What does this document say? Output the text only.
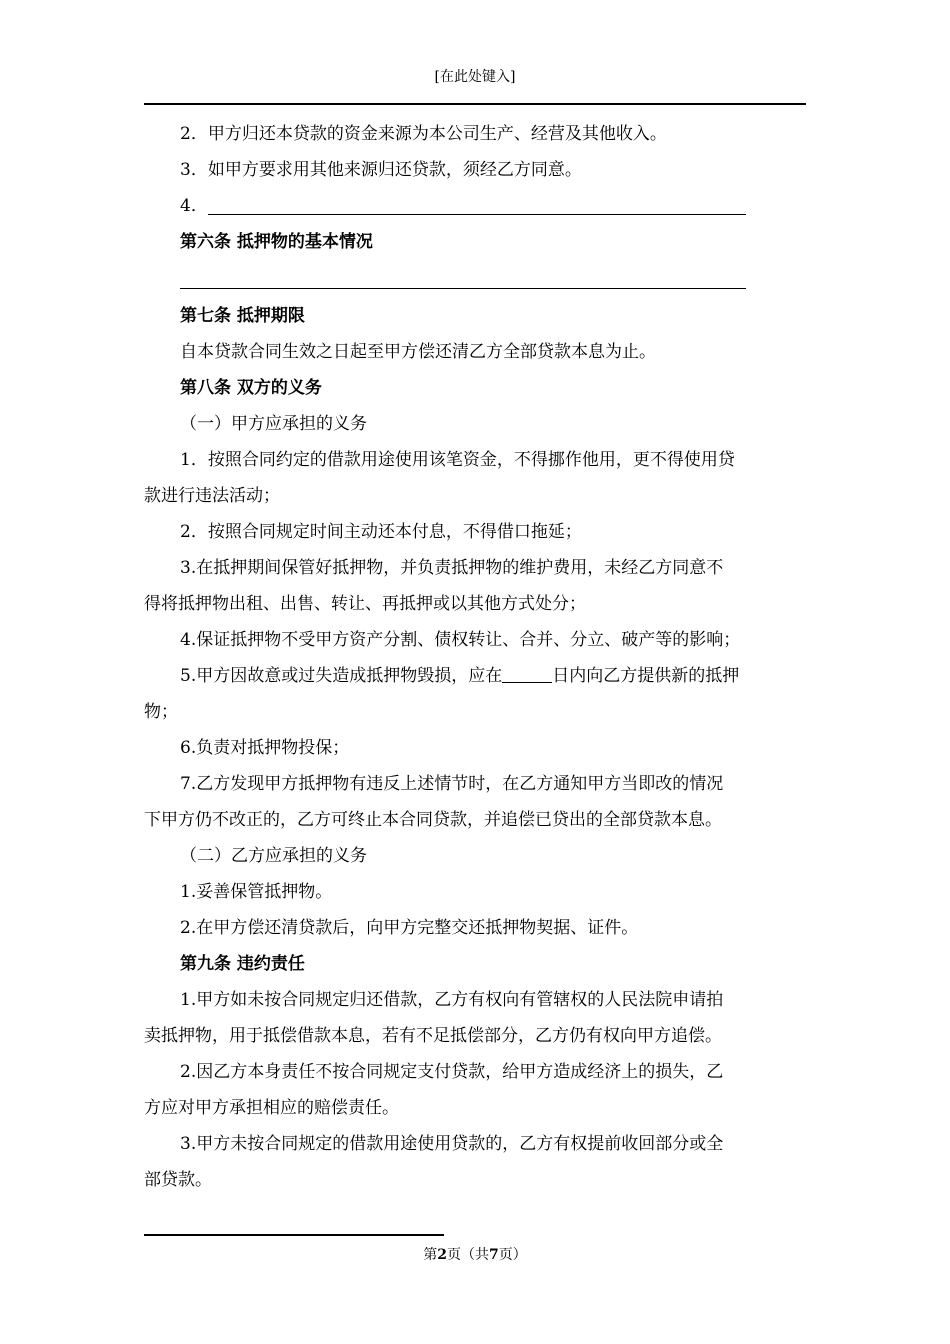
[在此处键入]
2．甲方归还本贷款的资金来源为本公司生产、经营及其他收入。
3．如甲方要求用其他来源归还贷款，须经乙方同意。
4．
第六条 抵押物的基本情况
第七条 抵押期限
自本贷款合同生效之日起至甲方偿还清乙方全部贷款本息为止。
第八条 双方的义务
（一）甲方应承担的义务
1．按照合同约定的借款用途使用该笔资金，不得挪作他用，更不得使用贷
款进行违法活动；
2．按照合同规定时间主动还本付息，不得借口拖延；
3.在抵押期间保管好抵押物，并负责抵押物的维护费用，未经乙方同意不
得将抵押物出租、出售、转让、再抵押或以其他方式处分；
4.保证抵押物不受甲方资产分割、债权转让、合并、分立、破产等的影响；
5.甲方因故意或过失造成抵押物毁损，应在	日内向乙方提供新的抵押
物；
6.负责对抵押物投保；
7.乙方发现甲方抵押物有违反上述情节时，在乙方通知甲方当即改的情况
下甲方仍不改正的，乙方可终止本合同贷款，并追偿已贷出的全部贷款本息。
（二）乙方应承担的义务
1.妥善保管抵押物。
2.在甲方偿还清贷款后，向甲方完整交还抵押物契据、证件。
第九条 违约责任
1.甲方如未按合同规定归还借款，乙方有权向有管辖权的人民法院申请拍
卖抵押物，用于抵偿借款本息，若有不足抵偿部分，乙方仍有权向甲方追偿。
2.因乙方本身责任不按合同规定支付贷款，给甲方造成经济上的损失，乙
方应对甲方承担相应的赔偿责任。
3.甲方未按合同规定的借款用途使用贷款的，乙方有权提前收回部分或全
部贷款。
第2页（共7页）
